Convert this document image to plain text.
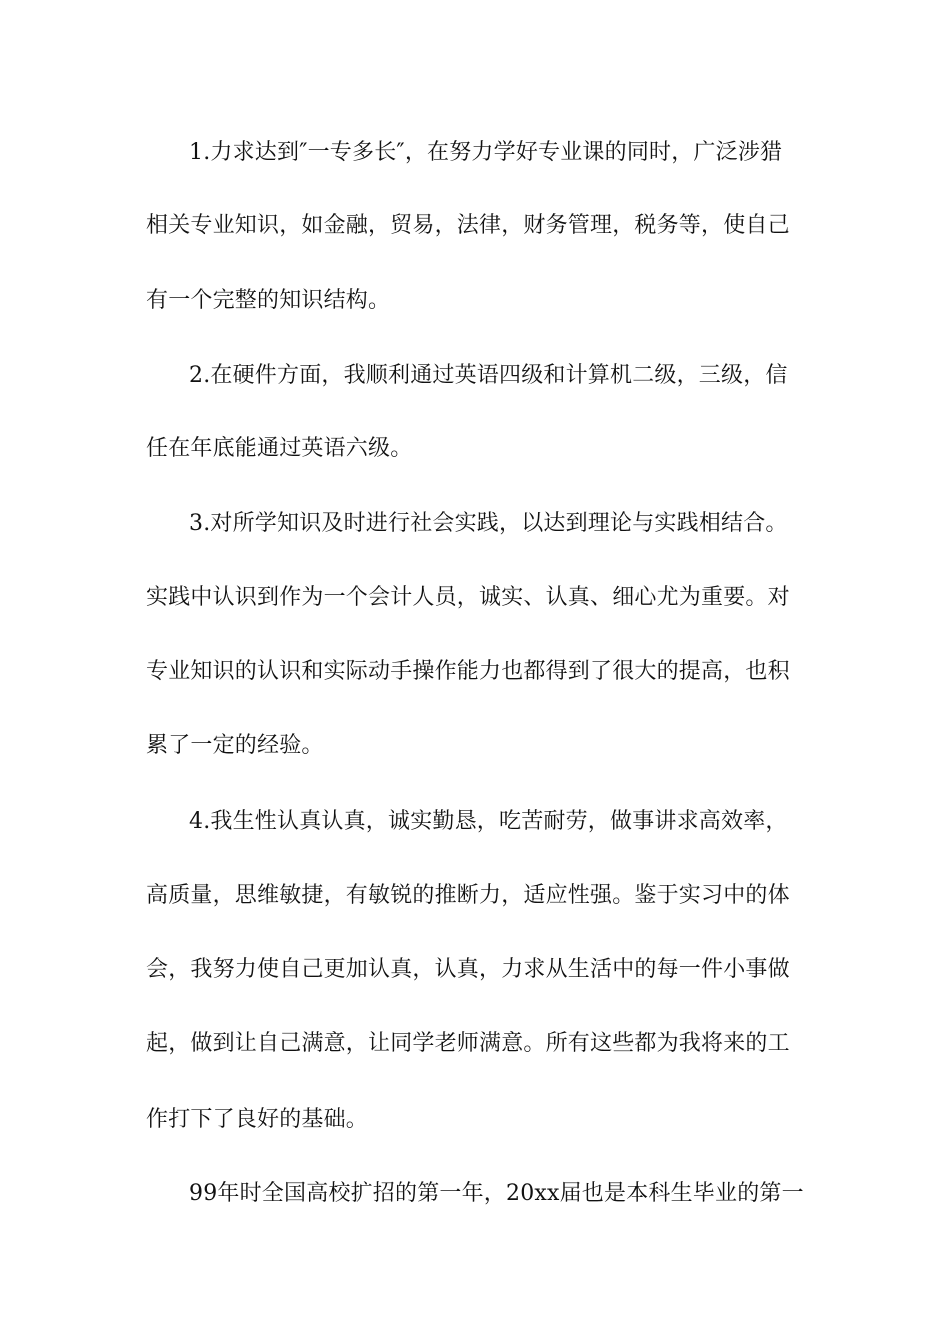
1.力求达到″一专多长″，在努力学好专业课的同时，广泛涉猎
相关专业知识，如金融，贸易，法律，财务管理，税务等，使自己
有一个完整的知识结构。
2.在硬件方面，我顺利通过英语四级和计算机二级，三级，信
任在年底能通过英语六级。
3.对所学知识及时进行社会实践，以达到理论与实践相结合。
实践中认识到作为一个会计人员，诚实、认真、细心尤为重要。对
专业知识的认识和实际动手操作能力也都得到了很大的提高，也积
累了一定的经验。
4.我生性认真认真，诚实勤恳，吃苦耐劳，做事讲求高效率，
高质量，思维敏捷，有敏锐的推断力，适应性强。鉴于实习中的体
会，我努力使自己更加认真，认真，力求从生活中的每一件小事做
起，做到让自己满意，让同学老师满意。所有这些都为我将来的工
作打下了良好的基础。
99年时全国高校扩招的第一年，20xx届也是本科生毕业的第一
